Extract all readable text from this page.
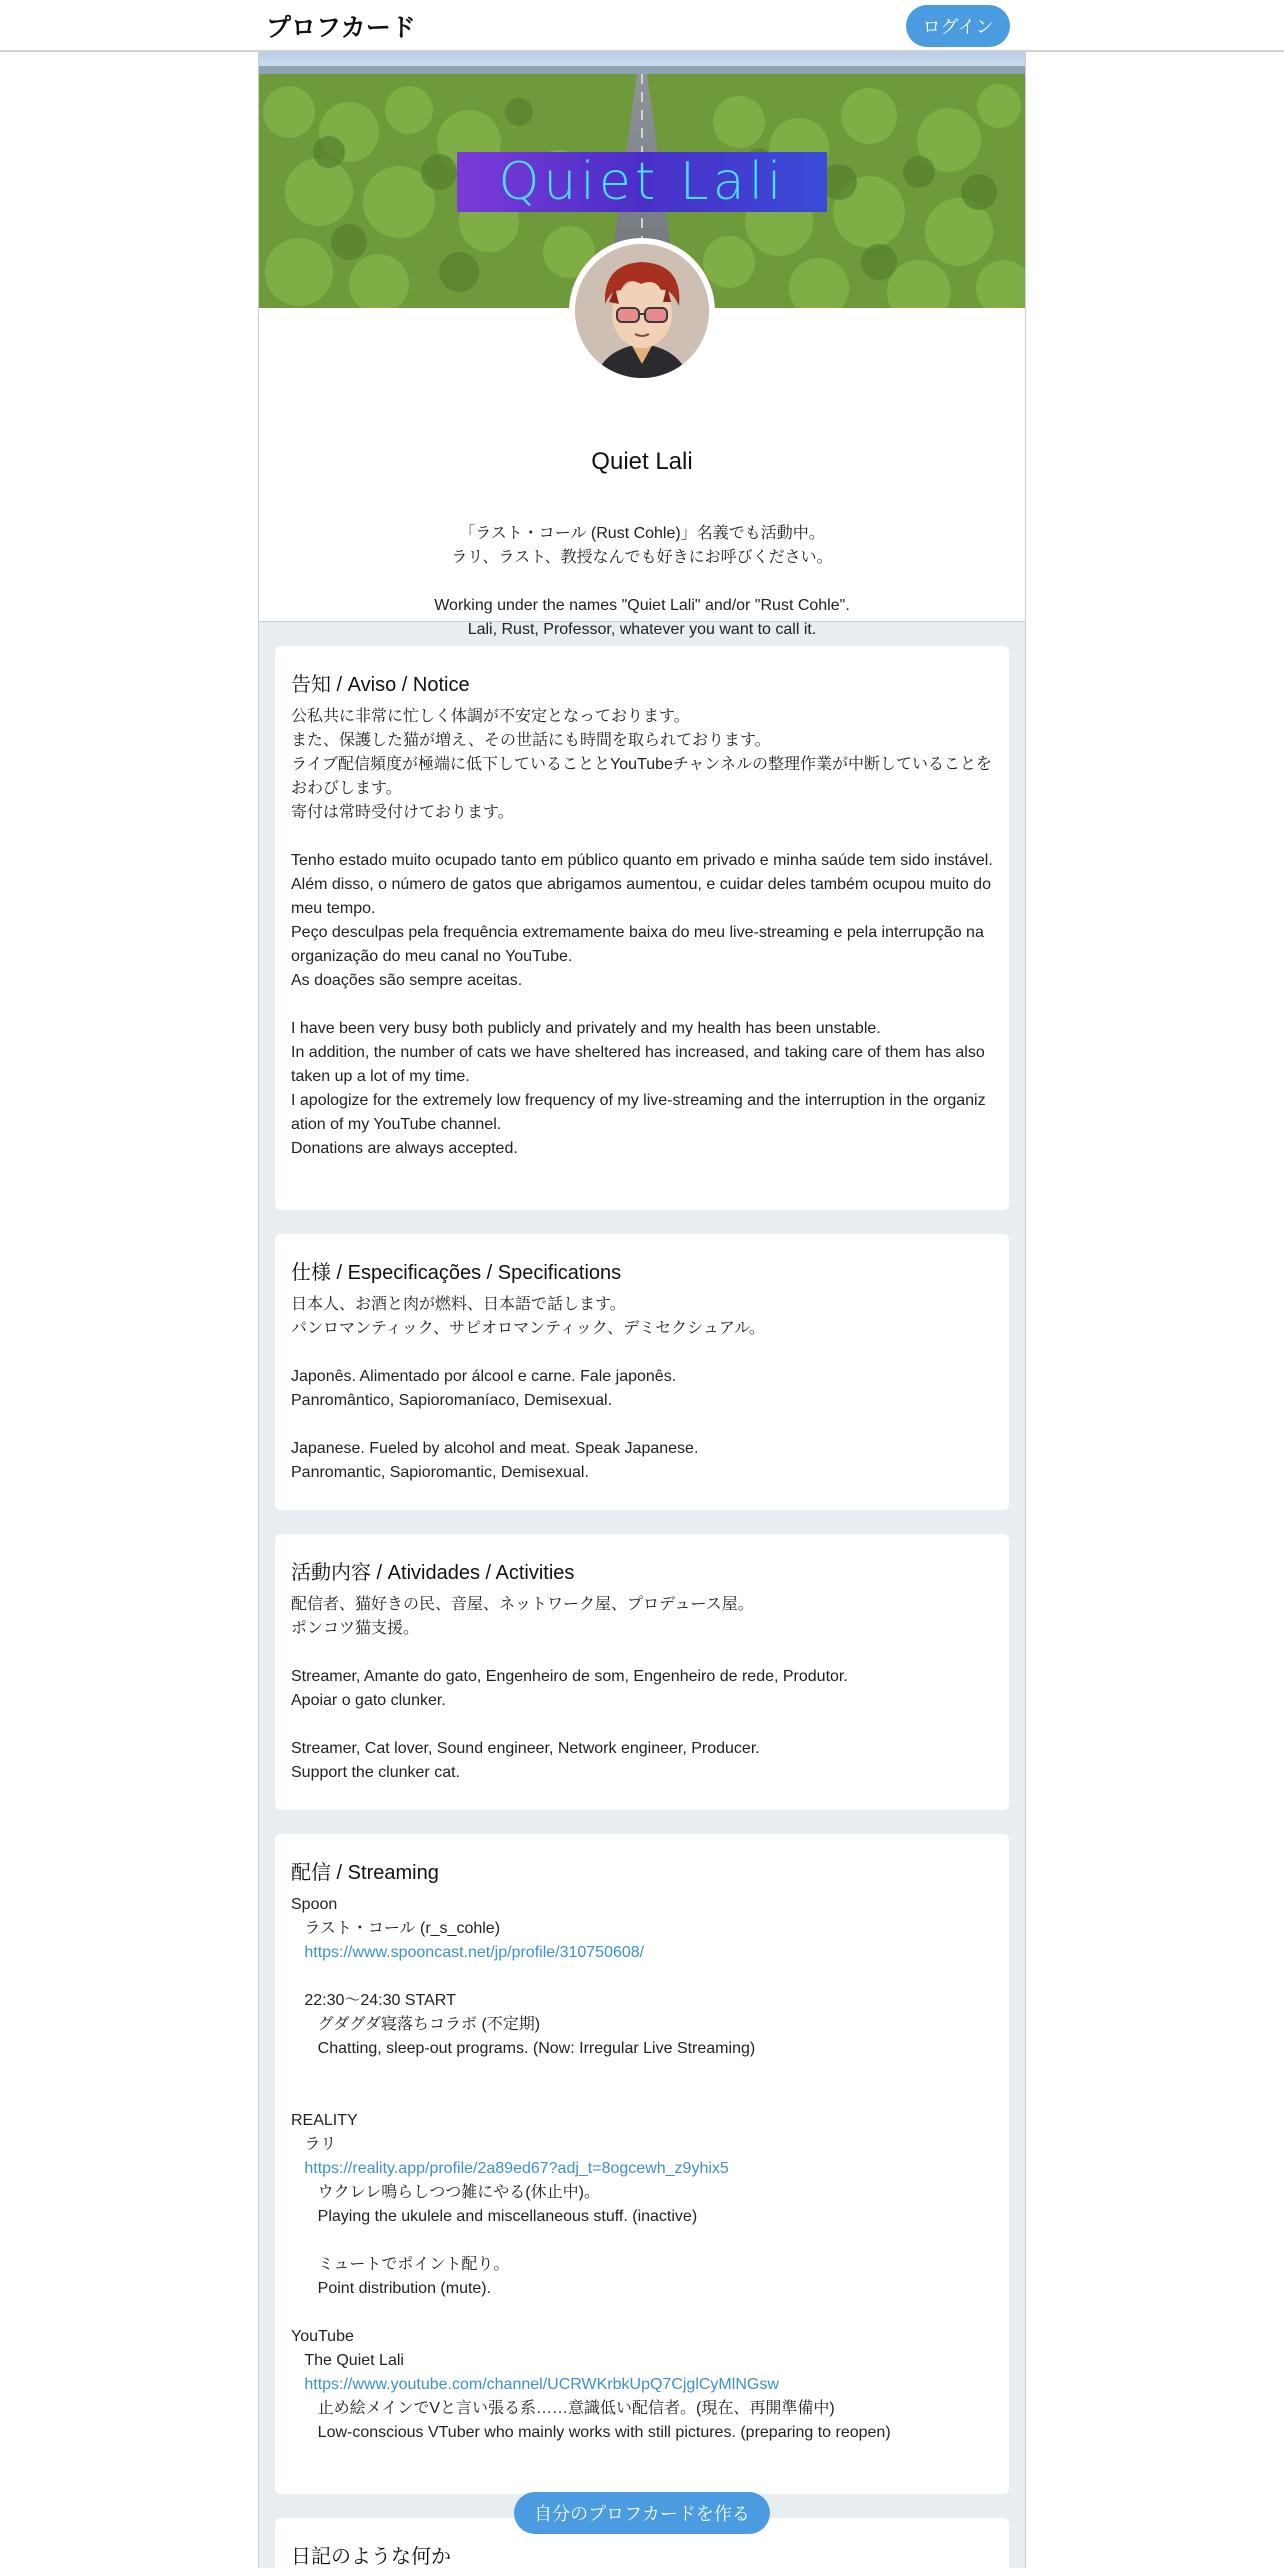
プロフカード	ログイン
Quiet Lali
Quiet Lali

「ラスト・コール (Rust Cohle)」名義でも活動中。

ラリ、ラスト、教授なんでも好きにお呼びください。

Working under the names "Quiet Lali" and/or "Rust Cohle".

Lali, Rust, Professor, whatever you want to call it.

告知 / Aviso / Notice
公私共に非常に忙しく体調が不安定となっております。
また、保護した猫が増え、その世話にも時間を取られております。
ライブ配信頻度が極端に低下していることとYouTubeチャンネルの整理作業が中断していることをおわびします。
寄付は常時受付けております。
Tenho estado muito ocupado tanto em público quanto em privado e minha saúde tem sido instável.
Além disso, o número de gatos que abrigamos aumentou, e cuidar deles também ocupou muito do meu tempo.
Peço desculpas pela frequência extremamente baixa do meu live-streaming e pela interrupção na organização do meu canal no YouTube.
As doações são sempre aceitas.
I have been very busy both publicly and privately and my health has been unstable.
In addition, the number of cats we have sheltered has increased, and taking care of them has also taken up a lot of my time.
I apologize for the extremely low frequency of my live-streaming and the interruption in the organization of my YouTube channel.
Donations are always accepted.
仕様 / Especificações / Specifications
日本人、お酒と肉が燃料、日本語で話します。
パンロマンティック、サピオロマンティック、デミセクシュアル。
Japonês. Alimentado por álcool e carne. Fale japonês.
Panromântico, Sapioromaníaco, Demisexual.
Japanese. Fueled by alcohol and meat. Speak Japanese.
Panromantic, Sapioromantic, Demisexual.
活動内容 / Atividades / Activities
配信者、猫好きの民、音屋、ネットワーク屋、プロデュース屋。
ポンコツ猫支援。
Streamer, Amante do gato, Engenheiro de som, Engenheiro de rede, Produtor.
Apoiar o gato clunker.
Streamer, Cat lover, Sound engineer, Network engineer, Producer.
Support the clunker cat.
配信 / Streaming
Spoon
ラスト・コール (r_s_cohle)
https://www.spooncast.net/jp/profile/310750608/
22:30〜24:30 START
グダグダ寝落ちコラボ (不定期)
Chatting, sleep-out programs. (Now: Irregular Live Streaming)
REALITY
ラリ
https://reality.app/profile/2a89ed67?adj_t=8ogcewh_z9yhix5
ウクレレ鳴らしつつ雑にやる(休止中)。
Playing the ukulele and miscellaneous stuff. (inactive)
ミュートでポイント配り。
Point distribution (mute).
YouTube
The Quiet Lali
https://www.youtube.com/channel/UCRWKrbkUpQ7CjglCyMlNGsw
止め絵メインでVと言い張る系……意識低い配信者。(現在、再開準備中)
Low-conscious VTuber who mainly works with still pictures. (preparing to reopen)
日記のような何か
自分のプロフカードを作る
